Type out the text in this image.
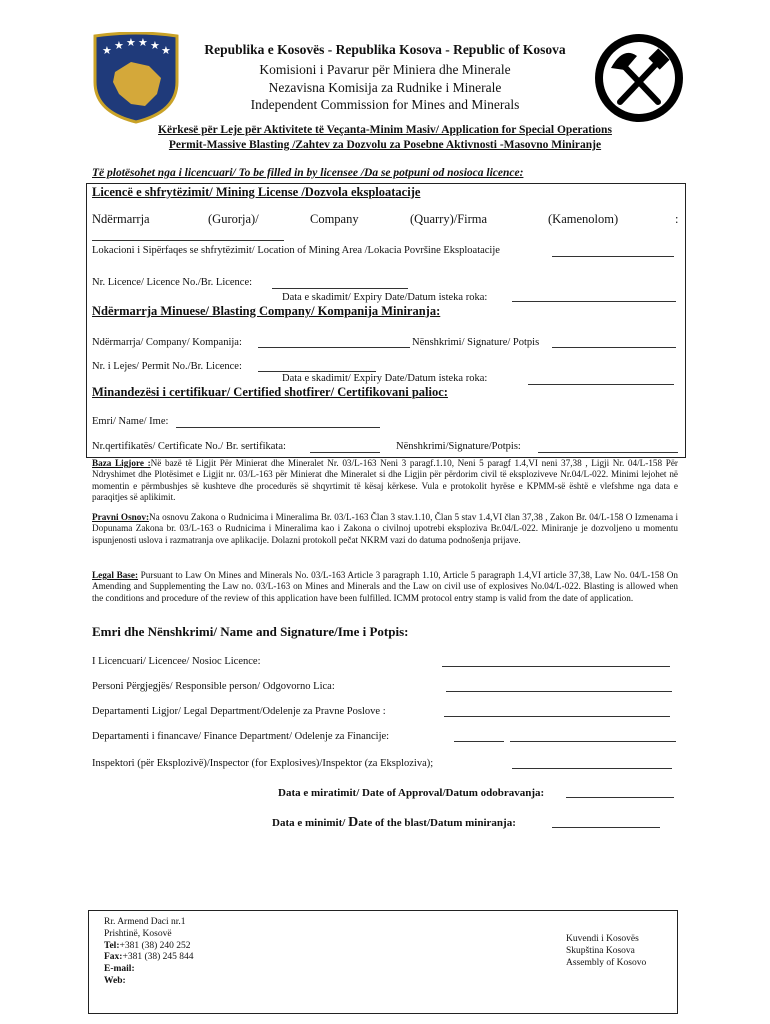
★ ★ ★ ★ ★ ★	Republika e Kosovës - Republika Kosova - Republic of Kosova
Komisioni i Pavarur për Miniera dhe Minerale
Nezavisna Komisija za Rudnike i Minerale
Independent Commission for Mines and Minerals
Kërkesë për Leje për Aktivitete të Veçanta-Minim Masiv/ Application for Special Operations
Permit-Massive Blasting /Zahtev za Dozvolu za Posebne Aktivnosti -Masovno Miniranje
Të plotësohet nga i licencuari/ To be filled in by licensee /Da se potpuni od nosioca licence:
Licencë e shfrytëzimit/ Mining License /Dozvola eksploatacije
Ndërmarrja	(Gurorja)/	Company	(Quarry)/Firma	(Kamenolom)	:
Lokacioni i Sipërfaqes se shfrytëzimit/ Location of Mining Area /Lokacia Površine Eksploatacije
Nr. Licence/ Licence No./Br. Licence:
Data e skadimit/ Expiry Date/Datum isteka roka:
Ndërmarrja Minuese/ Blasting Company/ Kompanija Miniranja:
Ndërmarrja/ Company/ Kompanija:	Nënshkrimi/ Signature/ Potpis
Nr. i Lejes/ Permit No./Br. Licence:
Data e skadimit/ Expiry Date/Datum isteka roka:
Minandezësi i certifikuar/ Certified shotfirer/ Certifikovani palioc:
Emri/ Name/ Ime:
Nr.qertifikatës/ Certificate No./ Br. sertifikata:	Nënshkrimi/Signature/Potpis:
Baza Ligjore :Në bazë të Ligjit Për Minierat dhe Mineralet Nr. 03/L-163 Neni 3 paragf.1.10, Neni 5 paragf 1.4,VI neni 37,38 , Ligji Nr. 04/L-158 Për Ndryshimet dhe Plotësimet e Ligjit nr. 03/L-163 për Minierat dhe Mineralet si dhe Ligjin për përdorim civil të eksploziveve Nr.04/L-022. Minimi lejohet në momentin e përmbushjes së kushteve dhe procedurës së shqyrtimit të kësaj kërkese. Vula e protokolit hyrëse e KPMM-së është e vlefshme nga data e paraqitjes së aplikimit.
Pravni Osnov:Na osnovu Zakona o Rudnicima i Mineralima Br. 03/L-163 Član 3 stav.1.10, Član 5 stav 1.4,VI član 37,38 , Zakon Br. 04/L-158 O Izmenama i Dopunama Zakona br. 03/L-163 o Rudnicima i Mineralima kao i Zakona o civilnoj upotrebi eksploziva Br.04/L-022. Miniranje je dozvoljeno u momentu ispunjenosti uslova i razmatranja ove aplikacije. Dolazni protokoll pečat NKRM vazi do datuma podnošenja prijave.
Legal Base: Pursuant to Law On Mines and Minerals No. 03/L-163 Article 3 paragraph 1.10, Article 5 paragraph 1.4,VI article 37,38, Law No. 04/L-158 On Amending and Supplementing the Law no. 03/L-163 on Mines and Minerals and the Law on civil use of explosives No.04/L-022. Blasting is allowed when the conditions and procedure of the review of this application have been fulfilled. ICMM protocol entry stamp is valid from the date of application.
Emri dhe Nënshkrimi/ Name and Signature/Ime i Potpis:
I Licencuari/ Licencee/ Nosioc Licence:
Personi Përgjegjës/ Responsible person/ Odgovorno Lica:
Departamenti Ligjor/ Legal Department/Odelenje za Pravne Poslove :
Departamenti i financave/ Finance Department/ Odelenje za Financije:
Inspektori (për Eksplozivë)/Inspector (for Explosives)/Inspektor (za Eksploziva);
Data e miratimit/ Date of Approval/Datum odobravanja:
Data e minimit/ Date of the blast/Datum miniranja:
Rr. Armend Daci nr.1
Prishtinë, Kosovë
Tel:+381 (38) 240 252
Fax:+381 (38) 245 844
E-mail:
Web:
Kuvendi i Kosovës
Skupština Kosova
Assembly of Kosovo
